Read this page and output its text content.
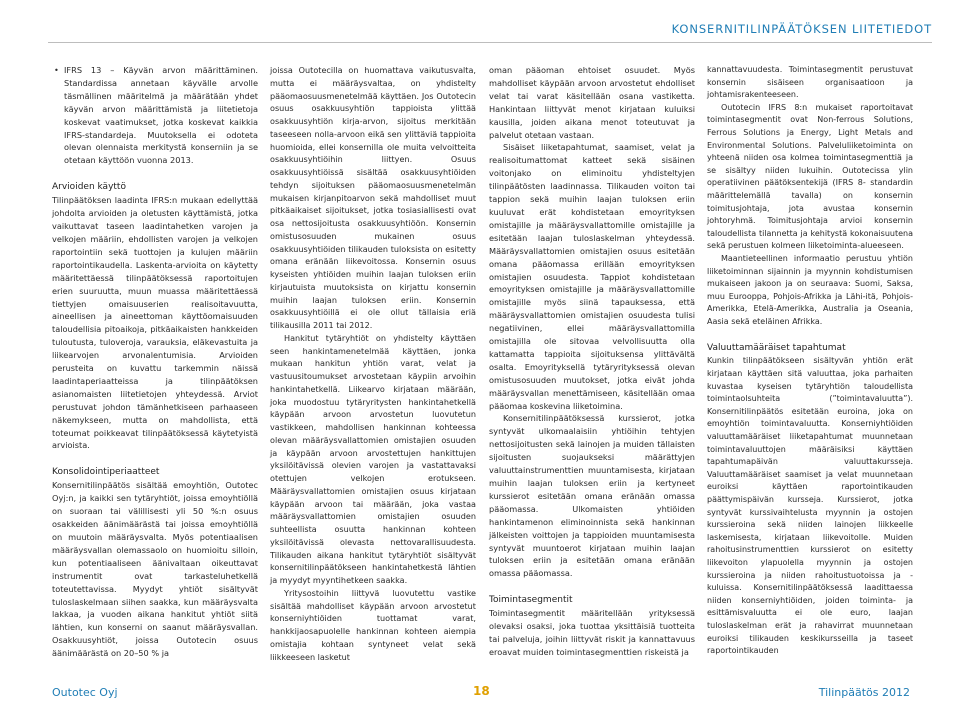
KONSERNITILINPÄÄTÖKSEN LIITETIEDOT
• IFRS 13 – Käyvän arvon määrittäminen. Standardissa annetaan käyvälle arvolle täsmällinen määritelmä ja määrätään yhdet käyvän arvon määrittämistä ja liitetietoja koskevat vaatimukset, jotka koskevat kaikkia IFRS-standardeja. Muutoksella ei odoteta olevan olennaista merkitystä konserniin ja se otetaan käyttöön vuonna 2013.

Arvioiden käyttö

Tilinpäätöksen laadinta IFRS:n mukaan edellyttää johdolta arvioiden ja oletusten käyttämistä, jotka vaikuttavat taseen laadintahetken varojen ja velkojen määriin, ehdollisten varojen ja velkojen raportointiin sekä tuottojen ja kulujen määriin raportointikaudella. Laskenta-arvioita on käytetty määritettäessä tilinpäätöksessä raportoitujen erien suuruutta, muun muassa määritettäessä tiettyjen omaisuuserien realisoitavuutta, aineellisen ja aineettoman käyttöomaisuuden taloudellisia pitoaikoja, pitkäaikaisten hankkeiden tuloutusta, tuloveroja, varauksia, eläkevastuita ja liikearvojen arvonalentumisia. Arvioiden perusteita on kuvattu tarkemmin näissä laadintaperiaatteissa ja tilinpäätöksen asianomaisten liitetietojen yhteydessä. Arviot perustuvat johdon tämänhetkiseen parhaaseen näkemykseen, mutta on mahdollista, että toteumat poikkeavat tilinpäätöksessä käytetyistä arvioista.

Konsolidointiperiaatteet

Konsernitilinpäätös sisältää emoyhtiön, Outotec Oyj:n, ja kaikki sen tytäryhtiöt, joissa emoyhtiöllä on suoraan tai välillisesti yli 50 %:n osuus osakkeiden äänimäärästä tai joissa emoyhtiöllä on muutoin määräysvalta. Myös potentiaalisen määräysvallan olemassaolo on huomioitu silloin, kun potentiaaliseen äänivaltaan oikeuttavat instrumentit ovat tarkasteluhetkellä toteutettavissa. Myydyt yhtiöt sisältyvät tuloslaskelmaan siihen saakka, kun määräysvalta lakkaa, ja vuoden aikana hankitut yhtiöt siitä lähtien, kun konserni on saanut määräysvallan. Osakkuusyhtiöt, joissa Outotecin osuus äänimäärästä on 20–50 % ja

joissa Outotecilla on huomattava vaikutusvalta, mutta ei määräysvaltaa, on yhdistelty pääomaosuusmenetelmää käyttäen. Jos Outotecin osuus osakkuusyhtiön tappioista ylittää osakkuusyhtiön kirja-arvon, sijoitus merkitään taseeseen nolla-arvoon eikä sen ylittäviä tappioita huomioida, ellei konsernilla ole muita velvoitteita osakkuusyhtiöihin liittyen. Osuus osakkuusyhtiöissä sisältää osakkuusyhtiöiden tehdyn sijoituksen pääomaosuusmenetelmän mukaisen kirjanpitoarvon sekä mahdolliset muut pitkäaikaiset sijoitukset, jotka tosiasiallisesti ovat osa nettosijoitusta osakkuusyhtiöön. Konsernin omistusosuuden mukainen osuus osakkuusyhtiöiden tilikauden tuloksista on esitetty omana eränään liikevoitossa. Konsernin osuus kyseisten yhtiöiden muihin laajan tuloksen eriin kirjautuista muutoksista on kirjattu konsernin muihin laajan tuloksen eriin. Konsernin osakkuusyhtiöillä ei ole ollut tällaisia eriä tilikausilla 2011 tai 2012.

Hankitut tytäryhtiöt on yhdistelty käyttäen seen hankintamenetelmää käyttäen, jonka mukaan hankitun yhtiön varat, velat ja vastuusitoumukset arvostetaan käypiin arvoihin hankintahetkellä. Liikearvo kirjataan määrään, joka muodostuu tytäryritysten hankintahetkellä käypään arvoon arvostetun luovutetun vastikkeen, mahdollisen hankinnan kohteessa olevan määräysvallattomien omistajien osuuden ja käypään arvoon arvostettujen hankittujen yksilöitävissä olevien varojen ja vastattavaksi otettujen velkojen erotukseen. Määräysvallattomien omistajien osuus kirjataan käypään arvoon tai määrään, joka vastaa määräysvallattomien omistajien osuuden suhteellista osuutta hankinnan kohteen yksilöitävissä olevasta nettovarallisuudesta. Tilikauden aikana hankitut tytäryhtiöt sisältyvät konsernitilinpäätökseen hankintahetkestä lähtien ja myydyt myyntihetkeen saakka.

Yritysostoihin liittyvä luovutettu vastike sisältää mahdolliset käypään arvoon arvostetut konserniyhtiöiden tuottamat varat, hankkijaosapuolelle hankinnan kohteen aiempia omistajia kohtaan syntyneet velat sekä liikkeeseen lasketut

oman pääoman ehtoiset osuudet. Myös mahdolliset käypään arvoon arvostetut ehdolliset velat tai varat käsitellään osana vastiketta. Hankintaan liittyvät menot kirjataan kuluiksi kausilla, joiden aikana menot toteutuvat ja palvelut otetaan vastaan.

Sisäiset liiketapahtumat, saamiset, velat ja realisoitumattomat katteet sekä sisäinen voitonjako on eliminoitu yhdisteltyjen tilinpäätösten laadinnassa. Tilikauden voiton tai tappion sekä muihin laajan tuloksen eriin kuuluvat erät kohdistetaan emoyrityksen omistajille ja määräysvallattomille omistajille ja esitetään laajan tuloslaskelman yhteydessä. Määräysvallattomien omistajien osuus esitetään omana pääomassa erillään emoyrityksen omistajien osuudesta. Tappiot kohdistetaan emoyrityksen omistajille ja määräysvallattomille omistajille myös siinä tapauksessa, että määräysvallattomien omistajien osuudesta tulisi negatiivinen, ellei määräysvallattomilla omistajilla ole sitovaa velvollisuutta olla kattamatta tappioita sijoituksensa ylittävältä osalta. Emoyrityksellä tytäryrityksessä olevan omistusosuuden muutokset, jotka eivät johda määräysvallan menettämiseen, käsitellään omaa pääomaa koskevina liiketoimina.

Konsernitilinpäätöksessä kurssierot, jotka syntyvät ulkomaalaisiin yhtiöihin tehtyjen nettosijoitusten sekä lainojen ja muiden tällaisten sijoitusten suojaukseksi määrättyjen valuuttainstrumenttien muuntamisesta, kirjataan muihin laajan tuloksen eriin ja kertyneet kurssierot esitetään omana eränään omassa pääomassa. Ulkomaisten yhtiöiden hankintamenon eliminoinnista sekä hankinnan jälkeisten voittojen ja tappioiden muuntamisesta syntyvät muuntoerot kirjataan muihin laajan tuloksen eriin ja esitetään omana eränään omassa pääomassa.

Toimintasegmentit

Toimintasegmentit määritellään yrityksessä olevaksi osaksi, joka tuottaa yksittäisiä tuotteita tai palveluja, joihin liittyvät riskit ja kannattavuus eroavat muiden toimintasegmenttien riskeistä ja

kannattavuudesta. Toimintasegmentit perustuvat konsernin sisäiseen organisaatioon ja johtamisrakenteeseen.

Outotecin IFRS 8:n mukaiset raportoitavat toimintasegmentit ovat Non-ferrous Solutions, Ferrous Solutions ja Energy, Light Metals and Environmental Solutions. Palveluliiketoiminta on yhteenä niiden osa kolmea toimintasegmenttiä ja se sisältyy niiden lukuihin. Outotecissa ylin operatiivinen päätöksentekijä (IFRS 8- standardin määrittelemällä tavalla) on konsernin toimitusjohtaja, jota avustaa konsernin johtoryhmä. Toimitusjohtaja arvioi konsernin taloudellista tilannetta ja kehitystä kokonaisuutena sekä perustuen kolmeen liiketoiminta-alueeseen.

Maantieteellinen informaatio perustuu yhtiön liiketoiminnan sijainnin ja myynnin kohdistumisen mukaiseen jakoon ja on seuraava: Suomi, Saksa, muu Eurooppa, Pohjois-Afrikka ja Lähi-itä, Pohjois-Amerikka, Etelä-Amerikka, Australia ja Oseania, Aasia sekä eteläinen Afrikka.

Valuuttamääräiset tapahtumat

Kunkin tilinpäätökseen sisältyvän yhtiön erät kirjataan käyttäen sitä valuuttaa, joka parhaiten kuvastaa kyseisen tytäryhtiön taloudellista toimintaolsuhteita (”toimintavaluutta”). Konsernitilinpäätös esitetään euroina, joka on emoyhtiön toimintavaluutta. Konserniyhtiöiden valuuttamääräiset liiketapahtumat muunnetaan toimintavaluuttojen määräisiksi käyttäen tapahtumapäivän valuuttakursseja. Valuuttamääräiset saamiset ja velat muunnetaan euroiksi käyttäen raportointikauden päättymispäivän kursseja. Kurssierot, jotka syntyvät kurssivaihtelusta myynnin ja ostojen kurssieroina sekä niiden lainojen liikkeelle laskemisesta, kirjataan liikevoitolle. Muiden rahoitusinstrumenttien kurssierot on esitetty liikevoiton ylapuolella myynnin ja ostojen kurssieroina ja niiden rahoitustuotoissa ja -kuluissa. Konsernitilinpäätöksessä laadittaessa niiden konserniyhtiöiden, joiden toiminta- ja esittämisvaluutta ei ole euro, laajan tuloslaskelman erät ja rahavirrat muunnetaan euroiksi tilikauden keskikursseilla ja taseet raportointikauden

Outotec Oyj	18	Tilinpäätös 2012
